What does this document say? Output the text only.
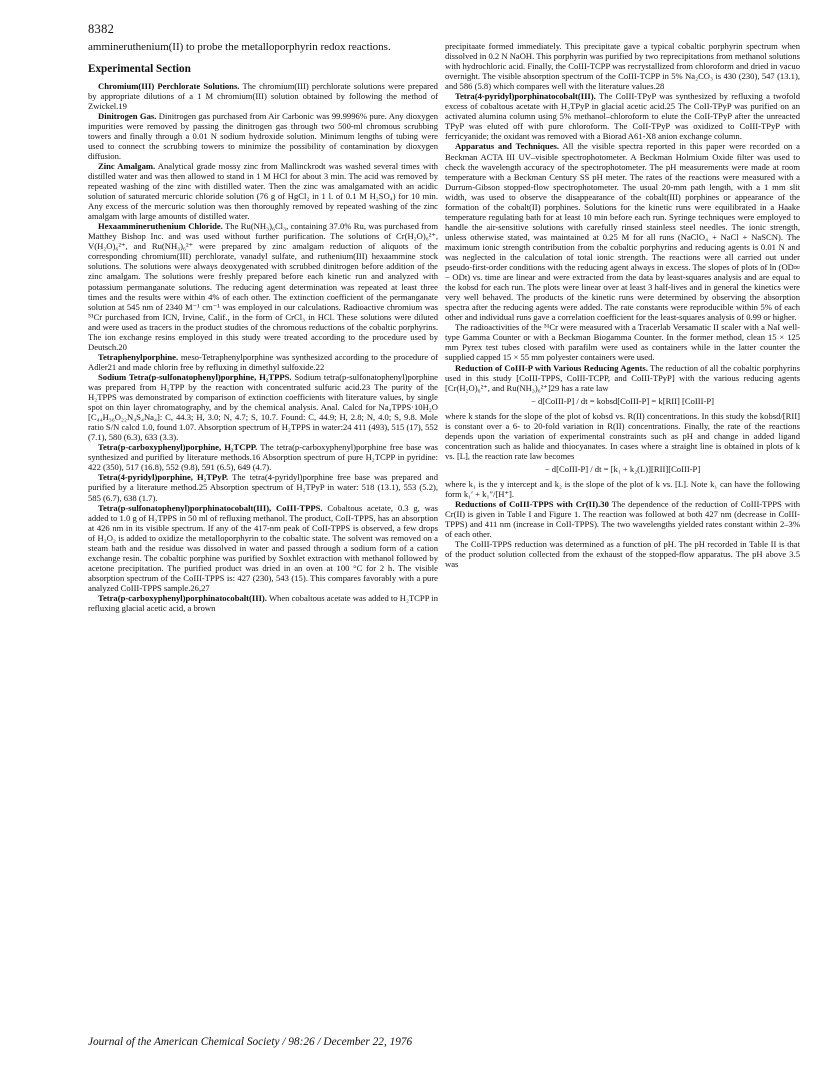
8382

ammineruthenium(II) to probe the metalloporphyrin redox reactions.

Experimental Section

Chromium(III) Perchlorate Solutions. The chromium(III) perchlorate solutions were prepared by appropriate dilutions of a 1 M chromium(III) solution obtained by following the method of Zwickel.19

Dinitrogen Gas. Dinitrogen gas purchased from Air Carbonic was 99.9996% pure. Any dioxygen impurities were removed by passing the dinitrogen gas through two 500-ml chromous scrubbing towers and finally through a 0.01 N sodium hydroxide solution. Minimum lengths of tubing were used to connect the scrubbing towers to minimize the possibility of contamination by dioxygen diffusion.

Zinc Amalgam. Analytical grade mossy zinc from Mallinckrodt was washed several times with distilled water and was then allowed to stand in 1 M HCl for about 3 min. The acid was removed by repeated washing of the zinc with distilled water. Then the zinc was amalgamated with an acidic solution of saturated mercuric chloride solution (76 g of HgCl₂ in 1 l. of 0.1 M H₂SO₄) for 10 min. Any excess of the mercuric solution was then thoroughly removed by repeated washing of the zinc amalgam with large amounts of distilled water.

Hexaammineruthenium Chloride. The Ru(NH₃)₆Cl₃, containing 37.0% Ru, was purchased from Matthey Bishop Inc. and was used without further purification. The solutions of Cr(H₂O)₆²⁺, V(H₂O)₆²⁺, and Ru(NH₃)₆²⁺ were prepared by zinc amalgam reduction of aliquots of the corresponding chromium(III) perchlorate, vanadyl sulfate, and ruthenium(III) hexaammine stock solutions. The solutions were always deoxygenated with scrubbed dinitrogen before addition of the zinc amalgam. The solutions were freshly prepared before each kinetic run and analyzed with potassium permanganate solutions. The reducing agent determination was repeated at least three times and the results were within 4% of each other. The extinction coefficient of the permanganate solution at 545 nm of 2340 M⁻¹ cm⁻¹ was employed in our calculations. Radioactive chromium was ⁵¹Cr purchased from ICN, Irvine, Calif., in the form of CrCl₃ in HCl. These solutions were diluted and were used as tracers in the product studies of the chromous reductions of the cobaltic porphyrins. The ion exchange resins employed in this study were treated according to the procedure used by Deutsch.20

Tetraphenylporphine. meso-Tetraphenylporphine was synthesized according to the procedure of Adler21 and made chlorin free by refluxing in dimethyl sulfoxide.22

Sodium Tetra(p-sulfonatophenyl)porphine, H₂TPPS. Sodium tetra(p-sulfonatophenyl)porphine was prepared from H₂TPP by the reaction with concentrated sulfuric acid.23 The purity of the H₂TPPS was demonstrated by comparison of extinction coefficients with literature values, by single spot on thin layer chromatography, and by the chemical analysis. Anal. Calcd for Na₄TPPS·10H₂O [C₄₄H₃₆O₂₂N₄S₄Na₄]: C, 44.3; H, 3.0; N, 4.7; S, 10.7. Found: C, 44.9; H, 2.8; N, 4.0; S, 9.8. Mole ratio S/N calcd 1.0, found 1.07. Absorption spectrum of H₂TPPS in water:24 411 (493), 515 (17), 552 (7.1), 580 (6.3), 633 (3.3).

Tetra(p-carboxyphenyl)porphine, H₂TCPP. The tetra(p-carboxyphenyl)porphine free base was synthesized and purified by literature methods.16 Absorption spectrum of pure H₂TCPP in pyridine: 422 (350), 517 (16.8), 552 (9.8), 591 (6.5), 649 (4.7).

Tetra(4-pyridyl)porphine, H₂TPyP. The tetra(4-pyridyl)porphine free base was prepared and purified by a literature method.25 Absorption spectrum of H₂TPyP in water: 518 (13.1), 553 (5.2), 585 (6.7), 638 (1.7).

Tetra(p-sulfonatophenyl)porphinatocobalt(III), CoIII-TPPS. Cobaltous acetate, 0.3 g, was added to 1.0 g of H₂TPPS in 50 ml of refluxing methanol. The product, CoII-TPPS, has an absorption at 426 nm in its visible spectrum. If any of the 417-nm peak of CoII-TPPS is observed, a few drops of H₂O₂ is added to oxidize the metalloporphyrin to the cobaltic state. The solvent was removed on a steam bath and the residue was dissolved in water and passed through a sodium form of a cation exchange resin. The cobaltic porphine was purified by Soxhlet extraction with methanol followed by acetone precipitation. The purified product was dried in an oven at 100 °C for 2 h. The visible absorption spectrum of the CoIII-TPPS is: 427 (230), 543 (15). This compares favorably with a pure analyzed CoIII-TPPS sample.26,27

Tetra(p-carboxyphenyl)porphinatocobalt(III). When cobaltous acetate was added to H₂TCPP in refluxing glacial acetic acid, a brown

precipitaate formed immediately. This precipitate gave a typical cobaltic porphyrin spectrum when dissolved in 0.2 N NaOH. This porphyrin was purified by two reprecipitations from methanol solutions with hydrochloric acid. Finally, the CoIII-TCPP was recrystallized from chloroform and dried in vacuo overnight. The visible absorption spectrum of the CoIII-TCPP in 5% Na₂CO₃ is 430 (230), 547 (13.1), and 586 (5.8) which compares well with the literature values.28

Tetra(4-pyridyl)porphinatocobalt(III). The CoIII-TPyP was synthesized by refluxing a twofold excess of cobaltous acetate with H₂TPyP in glacial acetic acid.25 The CoII-TPyP was purified on an activated alumina column using 5% methanol–chloroform to elute the CoII-TPyP after the unreacted TPyP was eluted off with pure chloroform. The CoII-TPyP was oxidized to CoIII-TPyP with ferricyanide; the oxidant was removed with a Biorad A61-X8 anion exchange column.

Apparatus and Techniques. All the visible spectra reported in this paper were recorded on a Beckman ACTA III UV–visible spectrophotometer. A Beckman Holmium Oxide filter was used to check the wavelength accuracy of the spectrophotometer. The pH measurements were made at room temperature with a Beckman Century SS pH meter. The rates of the reactions were measured with a Durrum-Gibson stopped-flow spectrophotometer. The usual 20-mm path length, with a 1 mm slit width, was used to observe the disappearance of the cobalt(III) porphines or appearance of the formation of the cobalt(II) porphines. Solutions for the kinetic runs were equilibrated in a Haake temperature regulating bath for at least 10 min before each run. Syringe techniques were employed to handle the air-sensitive solutions with carefully rinsed stainless steel needles. The ionic strength, unless otherwise stated, was maintained at 0.25 M for all runs (NaClO₄ + NaCl + NaSCN). The maximum ionic strength contribution from the cobaltic porphyrins and reducing agents is 0.01 N and was neglected in the calculation of total ionic strength. The reactions were all carried out under pseudo-first-order conditions with the reducing agent always in excess. The slopes of plots of ln (OD∞ − ODt) vs. time are linear and were extracted from the data by least-squares analysis and are equal to the kobsd for each run. The plots were linear over at least 3 half-lives and in general the kinetics were very well behaved. The products of the kinetic runs were determined by observing the absorption spectra after the reducing agents were added. The rate constants were reproducible within 5% of each other and individual runs gave a correlation coefficient for the least-squares analysis of 0.99 or higher.

The radioactivities of the ⁵¹Cr were measured with a Tracerlab Versamatic II scaler with a NaI well-type Gamma Counter or with a Beckman Biogamma Counter. In the former method, clean 15 × 125 mm Pyrex test tubes closed with parafilm were used as containers while in the latter counter the supplied capped 15 × 55 mm polyester containers were used.

Reduction of CoIII-P with Various Reducing Agents. The reduction of all the cobaltic porphyrins used in this study [CoIII-TPPS, CoIII-TCPP, and CoIII-TPyP] with the various reducing agents [Cr(H₂O)₆²⁺, and Ru(NH₃)₆²⁺]29 has a rate law

− d[CoIII-P] / dt = kobsd[CoIII-P] = k[RII] [CoIII-P]

where k stands for the slope of the plot of kobsd vs. R(II) concentrations. In this study the kobsd/[RII] is constant over a 6- to 20-fold variation in R(II) concentrations. Finally, the rate of the reactions depends upon the variation of experimental constraints such as pH and change in added ligand concentration such as halide and thiocyanates. In cases where a straight line is obtained in plots of k vs. [L], the reaction rate law becomes

− d[CoIII-P] / dt = [k₁ + k₂(L)][RII][CoIII-P]

where k₁ is the y intercept and k₂ is the slope of the plot of k vs. [L]. Note k₁ can have the following form k₁′ + k₁″/[H⁺].

Reductions of CoIII-TPPS with Cr(II).30 The dependence of the reduction of CoIII-TPPS with Cr(II) is given in Table I and Figure 1. The reaction was followed at both 427 nm (decrease in CoIII-TPPS) and 411 nm (increase in CoII-TPPS). The two wavelengths yielded rates constant within 2–3% of each other.

The CoIII-TPPS reduction was determined as a function of pH. The pH recorded in Table II is that of the product solution collected from the exhaust of the stopped-flow apparatus. The pH above 3.5 was

Journal of the American Chemical Society / 98:26 / December 22, 1976
